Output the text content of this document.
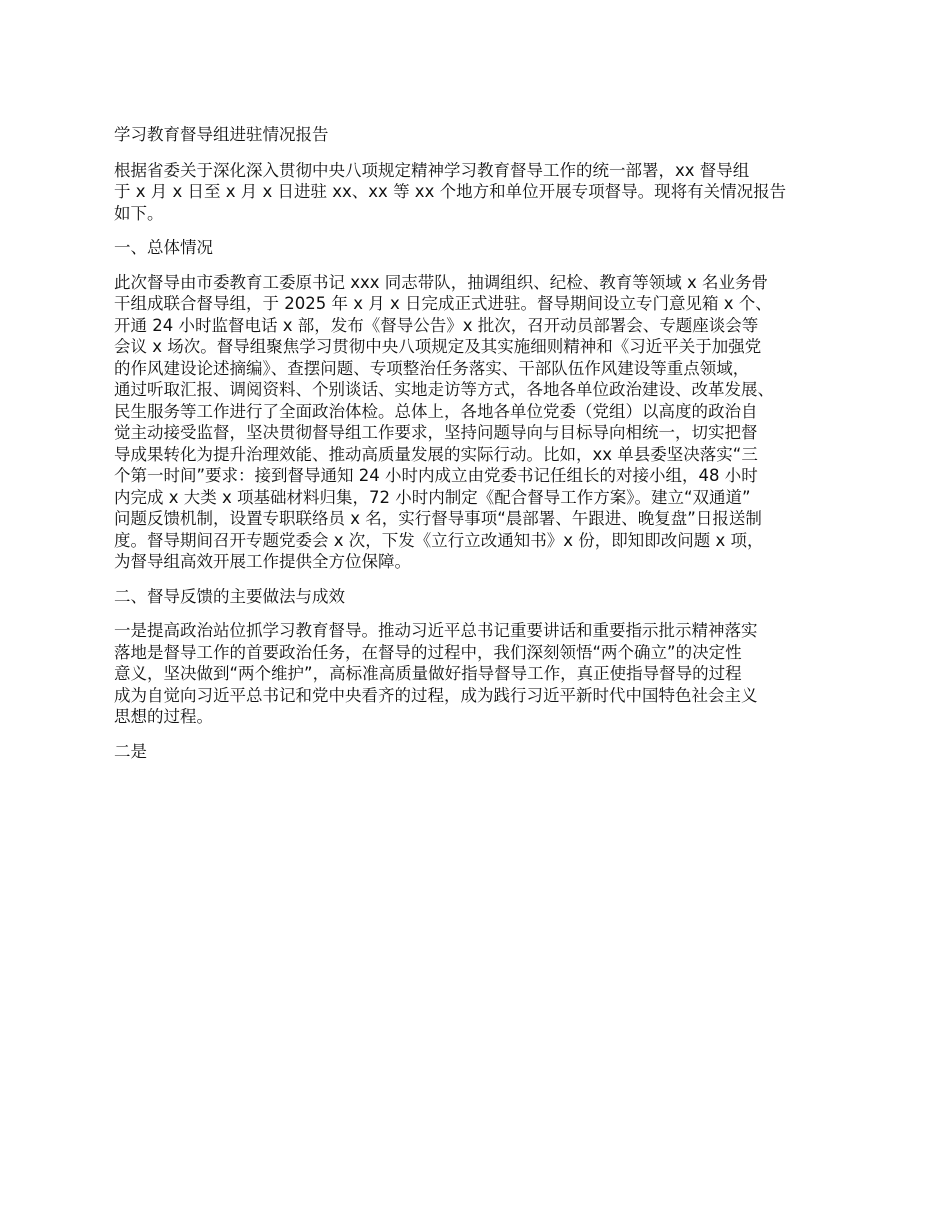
学习教育督导组进驻情况报告
根据省委关于深化深入贯彻中央八项规定精神学习教育督导工作的统一部署，xx 督导组
于 x 月 x 日至 x 月 x 日进驻 xx、xx 等 xx 个地方和单位开展专项督导。现将有关情况报告
如下。
一、总体情况
此次督导由市委教育工委原书记 xxx 同志带队，抽调组织、纪检、教育等领域 x 名业务骨
干组成联合督导组，于 2025 年 x 月 x 日完成正式进驻。督导期间设立专门意见箱 x 个、
开通 24 小时监督电话 x 部，发布《督导公告》x 批次，召开动员部署会、专题座谈会等
会议 x 场次。督导组聚焦学习贯彻中央八项规定及其实施细则精神和《习近平关于加强党
的作风建设论述摘编》、查摆问题、专项整治任务落实、干部队伍作风建设等重点领域，
通过听取汇报、调阅资料、个别谈话、实地走访等方式，各地各单位政治建设、改革发展、
民生服务等工作进行了全面政治体检。总体上，各地各单位党委（党组）以高度的政治自
觉主动接受监督，坚决贯彻督导组工作要求，坚持问题导向与目标导向相统一，切实把督
导成果转化为提升治理效能、推动高质量发展的实际行动。比如，xx 单县委坚决落实“三
个第一时间”要求：接到督导通知 24 小时内成立由党委书记任组长的对接小组，48 小时
内完成 x 大类 x 项基础材料归集，72 小时内制定《配合督导工作方案》。建立“双通道”
问题反馈机制，设置专职联络员 x 名，实行督导事项“晨部署、午跟进、晚复盘”日报送制
度。督导期间召开专题党委会 x 次，下发《立行立改通知书》x 份，即知即改问题 x 项，
为督导组高效开展工作提供全方位保障。
二、督导反馈的主要做法与成效
一是提高政治站位抓学习教育督导。推动习近平总书记重要讲话和重要指示批示精神落实
落地是督导工作的首要政治任务，在督导的过程中，我们深刻领悟“两个确立”的决定性
意义，坚决做到“两个维护”，高标准高质量做好指导督导工作，真正使指导督导的过程
成为自觉向习近平总书记和党中央看齐的过程，成为践行习近平新时代中国特色社会主义
思想的过程。
二是
